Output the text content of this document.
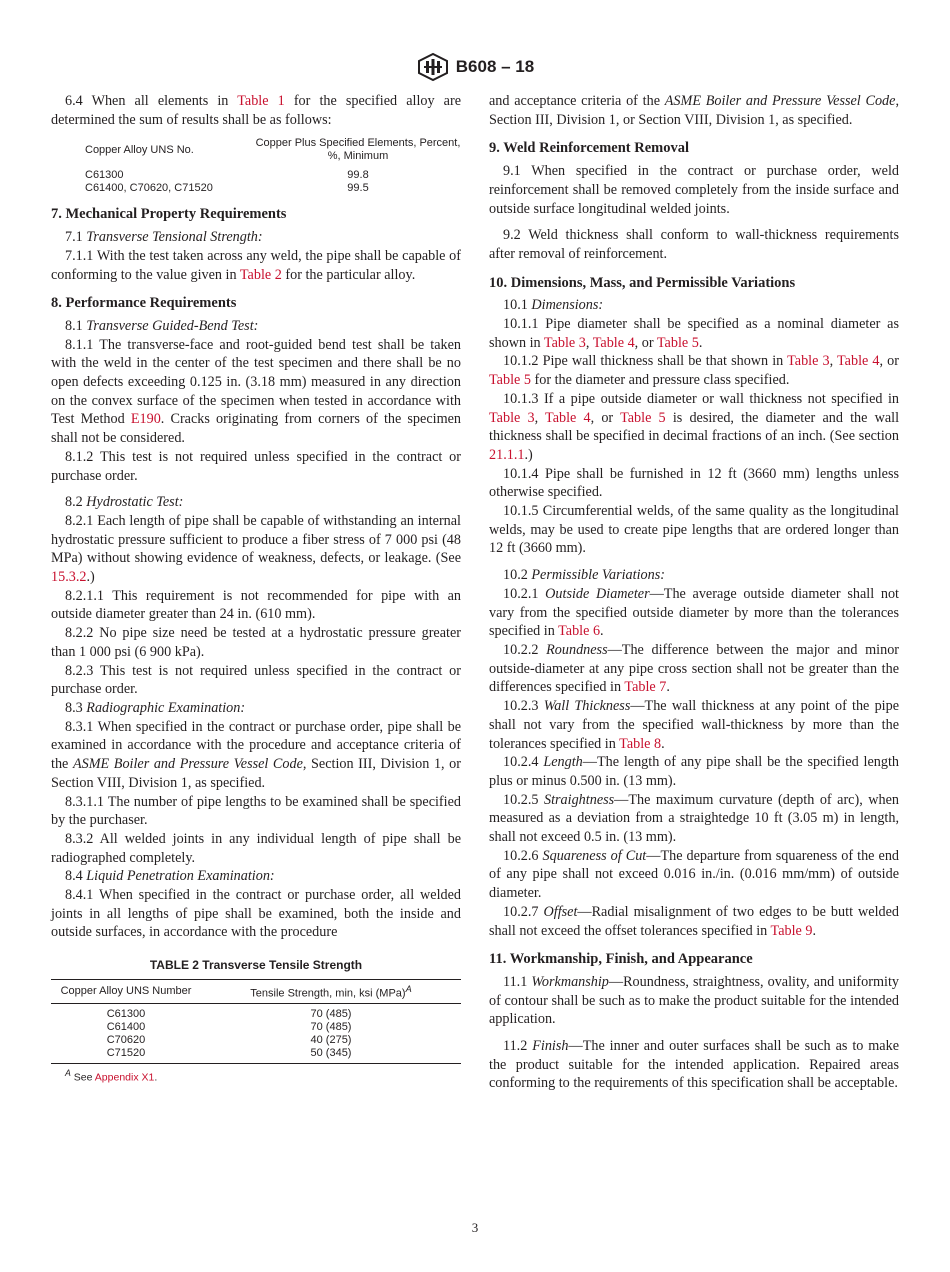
B608 – 18

6.4 When all elements in Table 1 for the specified alloy are determined the sum of results shall be as follows:

Copper Alloy UNS No.	Copper Plus Specified Elements, Percent, %, Minimum
C61300	99.8
C61400, C70620, C71520	99.5
7. Mechanical Property Requirements

7.1 Transverse Tensional Strength:

7.1.1 With the test taken across any weld, the pipe shall be capable of conforming to the value given in Table 2 for the particular alloy.

8. Performance Requirements

8.1 Transverse Guided-Bend Test:

8.1.1 The transverse-face and root-guided bend test shall be taken with the weld in the center of the test specimen and there shall be no open defects exceeding 0.125 in. (3.18 mm) measured in any direction on the convex surface of the specimen when tested in accordance with Test Method E190. Cracks originating from corners of the specimen shall not be considered.

8.1.2 This test is not required unless specified in the contract or purchase order.

8.2 Hydrostatic Test:

8.2.1 Each length of pipe shall be capable of withstanding an internal hydrostatic pressure sufficient to produce a fiber stress of 7 000 psi (48 MPa) without showing evidence of weakness, defects, or leakage. (See 15.3.2.)

8.2.1.1 This requirement is not recommended for pipe with an outside diameter greater than 24 in. (610 mm).

8.2.2 No pipe size need be tested at a hydrostatic pressure greater than 1 000 psi (6 900 kPa).

8.2.3 This test is not required unless specified in the contract or purchase order.

8.3 Radiographic Examination:

8.3.1 When specified in the contract or purchase order, pipe shall be examined in accordance with the procedure and acceptance criteria of the ASME Boiler and Pressure Vessel Code, Section III, Division 1, or Section VIII, Division 1, as specified.

8.3.1.1 The number of pipe lengths to be examined shall be specified by the purchaser.

8.3.2 All welded joints in any individual length of pipe shall be radiographed completely.

8.4 Liquid Penetration Examination:

8.4.1 When specified in the contract or purchase order, all welded joints in all lengths of pipe shall be examined, both the inside and outside surfaces, in accordance with the procedure

TABLE 2 Transverse Tensile Strength
Copper Alloy UNS Number	Tensile Strength, min, ksi (MPa)$^A$
C61300	70 (485)
C61400	70 (485)
C70620	40 (275)
C71520	50 (345)

$^A$ See Appendix X1.

and acceptance criteria of the ASME Boiler and Pressure Vessel Code, Section III, Division 1, or Section VIII, Division 1, as specified.

9. Weld Reinforcement Removal

9.1 When specified in the contract or purchase order, weld reinforcement shall be removed completely from the inside surface and outside surface longitudinal welded joints.

9.2 Weld thickness shall conform to wall-thickness requirements after removal of reinforcement.

10. Dimensions, Mass, and Permissible Variations

10.1 Dimensions:

10.1.1 Pipe diameter shall be specified as a nominal diameter as shown in Table 3, Table 4, or Table 5.

10.1.2 Pipe wall thickness shall be that shown in Table 3, Table 4, or Table 5 for the diameter and pressure class specified.

10.1.3 If a pipe outside diameter or wall thickness not specified in Table 3, Table 4, or Table 5 is desired, the diameter and the wall thickness shall be specified in decimal fractions of an inch. (See section 21.1.1.)

10.1.4 Pipe shall be furnished in 12 ft (3660 mm) lengths unless otherwise specified.

10.1.5 Circumferential welds, of the same quality as the longitudinal welds, may be used to create pipe lengths that are ordered longer than 12 ft (3660 mm).

10.2 Permissible Variations:

10.2.1 Outside Diameter—The average outside diameter shall not vary from the specified outside diameter by more than the tolerances specified in Table 6.

10.2.2 Roundness—The difference between the major and minor outside-diameter at any pipe cross section shall not be greater than the differences specified in Table 7.

10.2.3 Wall Thickness—The wall thickness at any point of the pipe shall not vary from the specified wall-thickness by more than the tolerances specified in Table 8.

10.2.4 Length—The length of any pipe shall be the specified length plus or minus 0.500 in. (13 mm).

10.2.5 Straightness—The maximum curvature (depth of arc), when measured as a deviation from a straightedge 10 ft (3.05 m) in length, shall not exceed 0.5 in. (13 mm).

10.2.6 Squareness of Cut—The departure from squareness of the end of any pipe shall not exceed 0.016 in./in. (0.016 mm/mm) of outside diameter.

10.2.7 Offset—Radial misalignment of two edges to be butt welded shall not exceed the offset tolerances specified in Table 9.

11. Workmanship, Finish, and Appearance

11.1 Workmanship—Roundness, straightness, ovality, and uniformity of contour shall be such as to make the product suitable for the intended application.

11.2 Finish—The inner and outer surfaces shall be such as to make the product suitable for the intended application. Repaired areas conforming to the requirements of this specification shall be acceptable.

3
